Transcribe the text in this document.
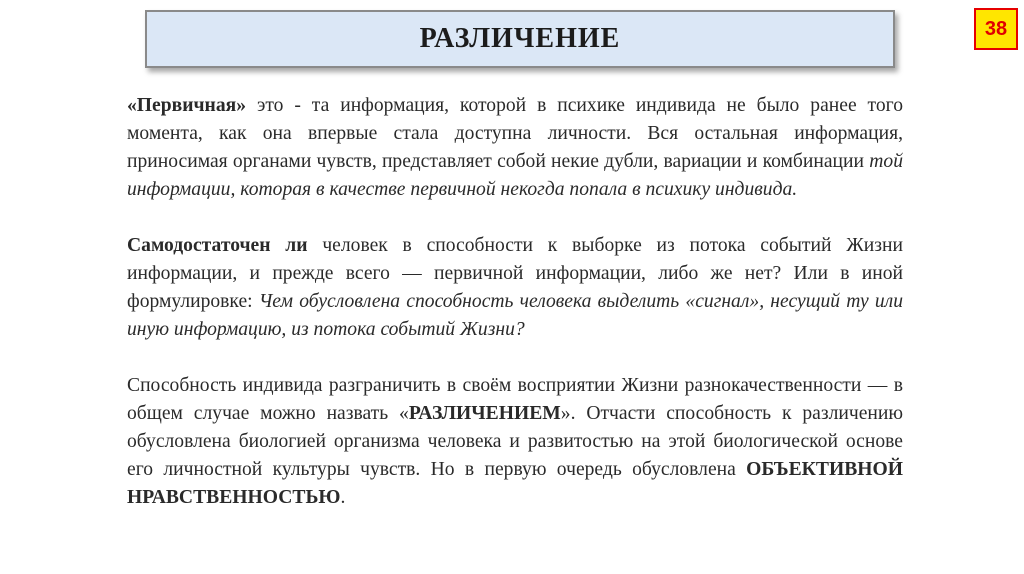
РАЗЛИЧЕНИЕ	38

«Первичная» это - та информация, которой в психике индивида не было ранее того момента, как она впервые стала доступна личности. Вся остальная информация, приносимая органами чувств, представляет собой некие дубли, вариации и комбинации той информации, которая в качестве первичной некогда попала в психику индивида.

Самодостаточен ли человек в способности к выборке из потока событий Жизни информации, и прежде всего — первичной информации, либо же нет? Или в иной формулировке: Чем обусловлена способность человека выделить «сигнал», несущий ту или иную информацию, из потока событий Жизни?

Способность индивида разграничить в своём восприятии Жизни разнокачественности — в общем случае можно назвать «РАЗЛИЧЕНИЕМ». Отчасти способность к различению обусловлена биологией организма человека и развитостью на этой биологической основе его личностной культуры чувств. Но в первую очередь обусловлена ОБЪЕКТИВНОЙ НРАВСТВЕННОСТЬЮ.
